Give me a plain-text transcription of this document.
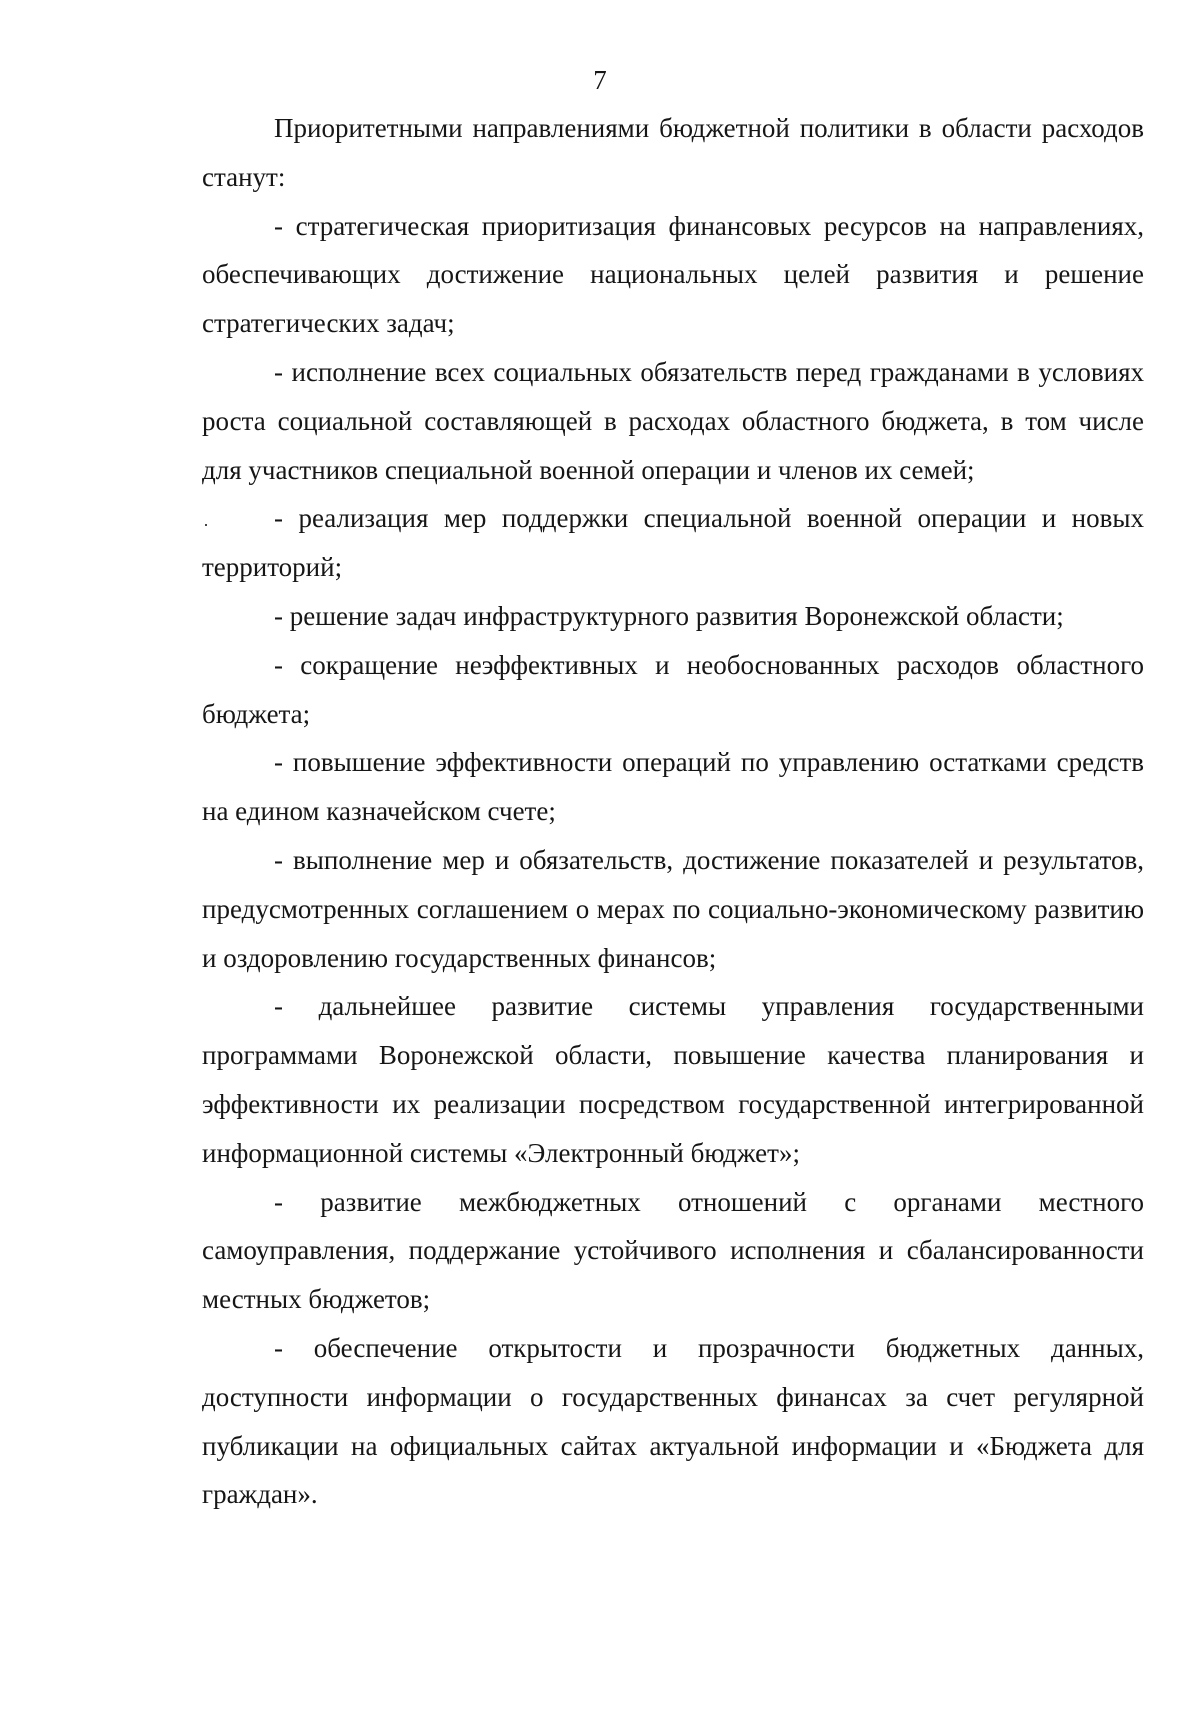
7

Приоритетными направлениями бюджетной политики в области расходов станут:

- стратегическая приоритизация финансовых ресурсов на направлениях, обеспечивающих достижение национальных целей развития и решение стратегических задач;

- исполнение всех социальных обязательств перед гражданами в условиях роста социальной составляющей в расходах областного бюджета, в том числе для участников специальной военной операции и членов их семей;

- реализация мер поддержки специальной военной операции и новых территорий;

- решение задач инфраструктурного развития Воронежской области;

- сокращение неэффективных и необоснованных расходов областного бюджета;

- повышение эффективности операций по управлению остатками средств на едином казначейском счете;

- выполнение мер и обязательств, достижение показателей и результатов, предусмотренных соглашением о мерах по социально-экономическому развитию и оздоровлению государственных финансов;

- дальнейшее развитие системы управления государственными программами Воронежской области, повышение качества планирования и эффективности их реализации посредством государственной интегрированной информационной системы «Электронный бюджет»;

- развитие межбюджетных отношений с органами местного самоуправления, поддержание устойчивого исполнения и сбалансированности местных бюджетов;

- обеспечение открытости и прозрачности бюджетных данных, доступности информации о государственных финансах за счет регулярной публикации на официальных сайтах актуальной информации и «Бюджета для граждан».
